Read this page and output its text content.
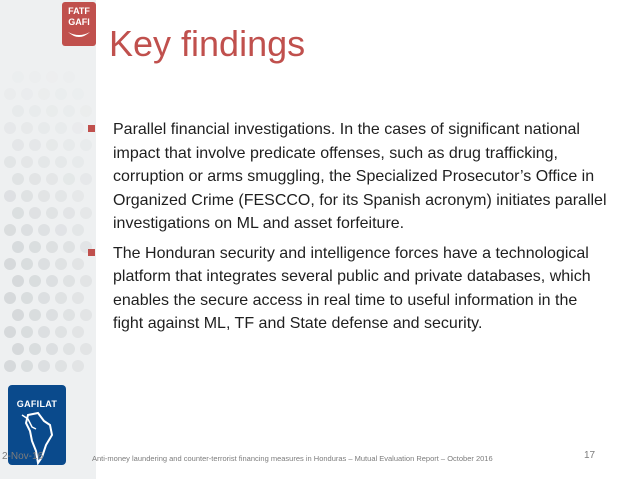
FATF
GAFI
GAFILAT
2-Nov-16
Key findings
Parallel financial investigations. In the cases of significant national impact that involve predicate offenses, such as drug trafficking, corruption or arms smuggling, the Specialized Prosecutor’s Office in Organized Crime (FESCCO, for its Spanish acronym) initiates parallel investigations on ML and asset forfeiture.
The Honduran security and intelligence forces have a technological platform that integrates several public and private databases, which enables the secure access in real time to useful information in the fight against ML, TF and State defense and security.
Anti-money laundering and counter-terrorist financing measures in Honduras – Mutual Evaluation Report – October 2016	17
